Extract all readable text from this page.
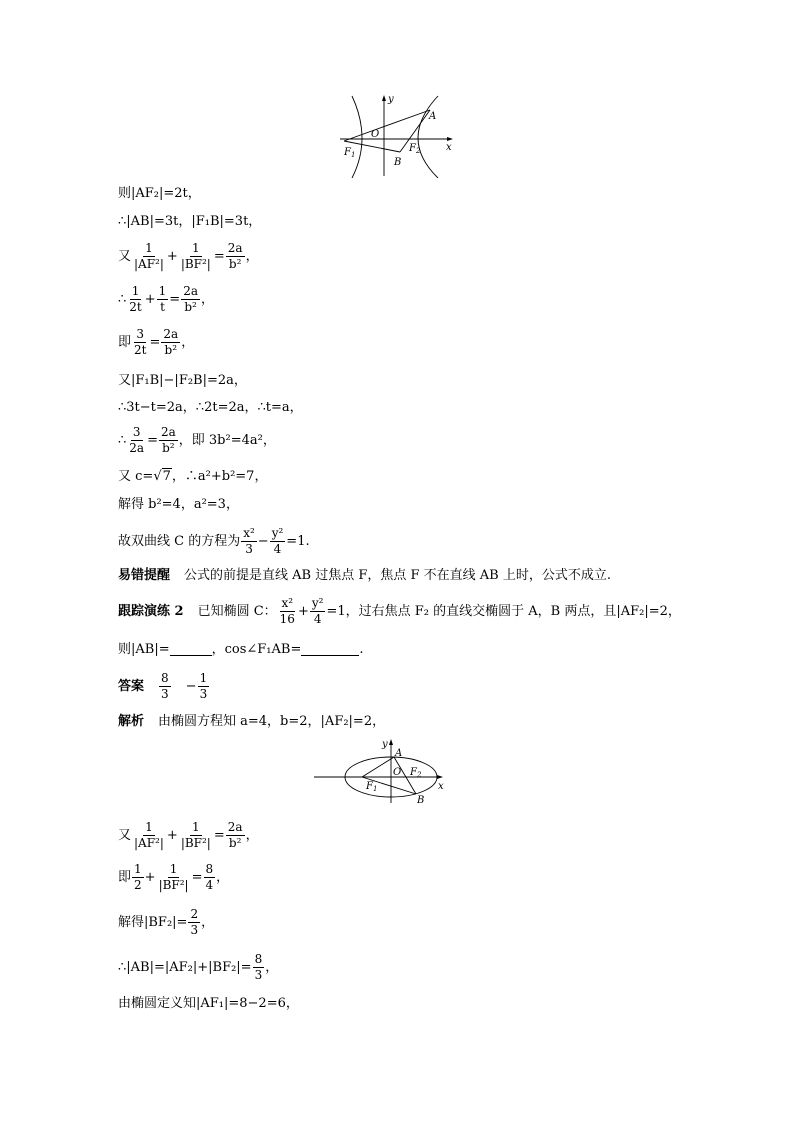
y
x
A
O
$F_1$
$F_2$
B
则|AF₂|=2t，
∴|AB|=3t，|F₁B|=3t，
又 $\frac{1}{\text{|AF²|}} + \frac{1}{\text{|BF²|}} = \frac{2a}{\text{b²}}$ ，
∴ $\frac{1}{2t} + \frac{1}{t} = \frac{2a}{\text{b²}}$ ，
即 $\frac{3}{2t} = \frac{2a}{\text{b²}}$ ，
又|F₁B|−|F₂B|=2a，
∴3t−t=2a，∴2t=2a，∴t=a，
∴ $\frac{3}{2a} = \frac{2a}{\text{b²}}$ ，即 3b²=4a²，
又 c= √7 ，∴a²+b²=7，
解得 b²=4，a²=3，
故双曲线 C 的方程为 $\frac{\text{x²}}{3} - \frac{\text{y²}}{4} =1$.
易错提醒 公式的前提是直线 AB 过焦点 F，焦点 F 不在直线 AB 上时，公式不成立.
跟踪演练 2 已知椭圆 C： $\frac{\text{x²}}{16} + \frac{\text{y²}}{4} =1$，过右焦点 F₂ 的直线交椭圆于 A，B 两点，且|AF₂|=2，
则|AB|=	，cos∠F₁AB=	.
答案 $\frac{8}{3} - \frac{1}{3}$
解析 由椭圆方程知 a=4，b=2，|AF₂|=2，
y
x
A
O $F_2$
$F_1$
B
又 $\frac{1}{\text{|AF²|}} + \frac{1}{\text{|BF²|}} = \frac{2a}{\text{b²}}$ ，
即 $\frac{1}{2} + \frac{1}{\text{|BF²|}} = \frac{8}{4}$ ，
解得$|BF_2|= \frac{2}{3}$ ，
∴|AB|=|AF₂|+|BF₂|= $\frac{8}{3}$ ，
由椭圆定义知|AF₁|=8−2=6，
